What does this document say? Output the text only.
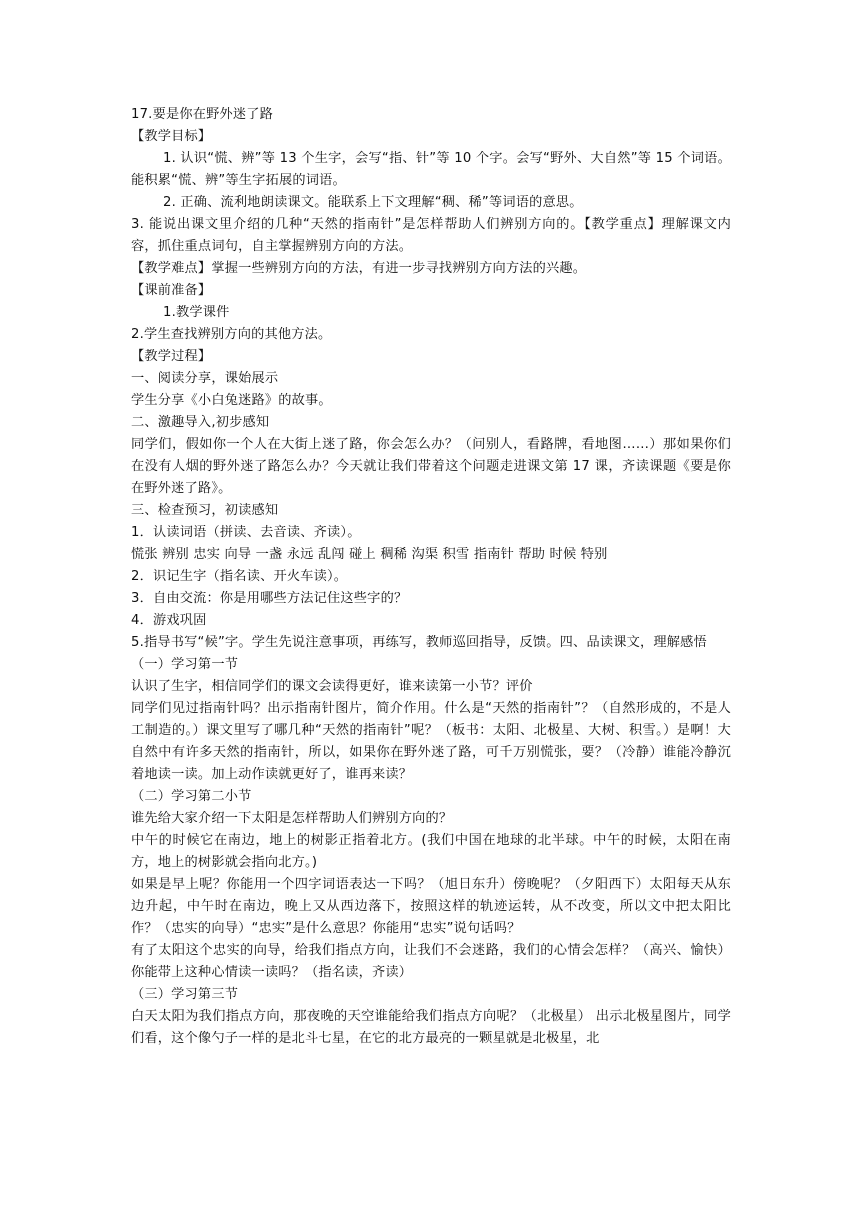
17.要是你在野外迷了路

【教学目标】

1. 认识“慌、辨”等 13 个生字，会写“指、针”等 10 个字。会写“野外、大自然”等 15 个词语。能积累“慌、辨”等生字拓展的词语。

2. 正确、流利地朗读课文。能联系上下文理解“稠、稀”等词语的意思。

3. 能说出课文里介绍的几种“天然的指南针”是怎样帮助人们辨别方向的。【教学重点】理解课文内容，抓住重点词句，自主掌握辨别方向的方法。

【教学难点】掌握一些辨别方向的方法，有进一步寻找辨别方向方法的兴趣。

【课前准备】

1.教学课件

2.学生查找辨别方向的其他方法。

【教学过程】

一、阅读分享，课始展示

学生分享《小白兔迷路》的故事。

二、激趣导入,初步感知

同学们，假如你一个人在大街上迷了路，你会怎么办？（问别人，看路牌，看地图……）那如果你们在没有人烟的野外迷了路怎么办？今天就让我们带着这个问题走进课文第 17 课，齐读课题《要是你在野外迷了路》。

三、检查预习，初读感知

1．认读词语（拼读、去音读、齐读）。

慌张 辨别 忠实 向导 一盏 永远 乱闯 碰上 稠稀 沟渠 积雪 指南针 帮助 时候 特别

2．识记生字（指名读、开火车读）。

3．自由交流：你是用哪些方法记住这些字的？

4．游戏巩固

5.指导书写“候”字。学生先说注意事项，再练写，教师巡回指导，反馈。四、品读课文，理解感悟

（一）学习第一节

认识了生字，相信同学们的课文会读得更好，谁来读第一小节？评价

同学们见过指南针吗？出示指南针图片，简介作用。什么是“天然的指南针”？（自然形成的，不是人工制造的。）课文里写了哪几种“天然的指南针”呢？（板书：太阳、北极星、大树、积雪。）是啊！大自然中有许多天然的指南针，所以，如果你在野外迷了路，可千万别慌张，要？（冷静）谁能冷静沉着地读一读。加上动作读就更好了，谁再来读？

（二）学习第二小节

谁先给大家介绍一下太阳是怎样帮助人们辨别方向的？

中午的时候它在南边，地上的树影正指着北方。(我们中国在地球的北半球。中午的时候，太阳在南方，地上的树影就会指向北方。)

如果是早上呢？你能用一个四字词语表达一下吗？（旭日东升）傍晚呢？（夕阳西下）太阳每天从东边升起，中午时在南边，晚上又从西边落下，按照这样的轨迹运转，从不改变，所以文中把太阳比作？（忠实的向导）“忠实”是什么意思？你能用“忠实”说句话吗？

有了太阳这个忠实的向导，给我们指点方向，让我们不会迷路，我们的心情会怎样？（高兴、愉快）你能带上这种心情读一读吗？（指名读，齐读）

（三）学习第三节

白天太阳为我们指点方向，那夜晚的天空谁能给我们指点方向呢？（北极星） 出示北极星图片，同学们看，这个像勺子一样的是北斗七星，在它的北方最亮的一颗星就是北极星，北
